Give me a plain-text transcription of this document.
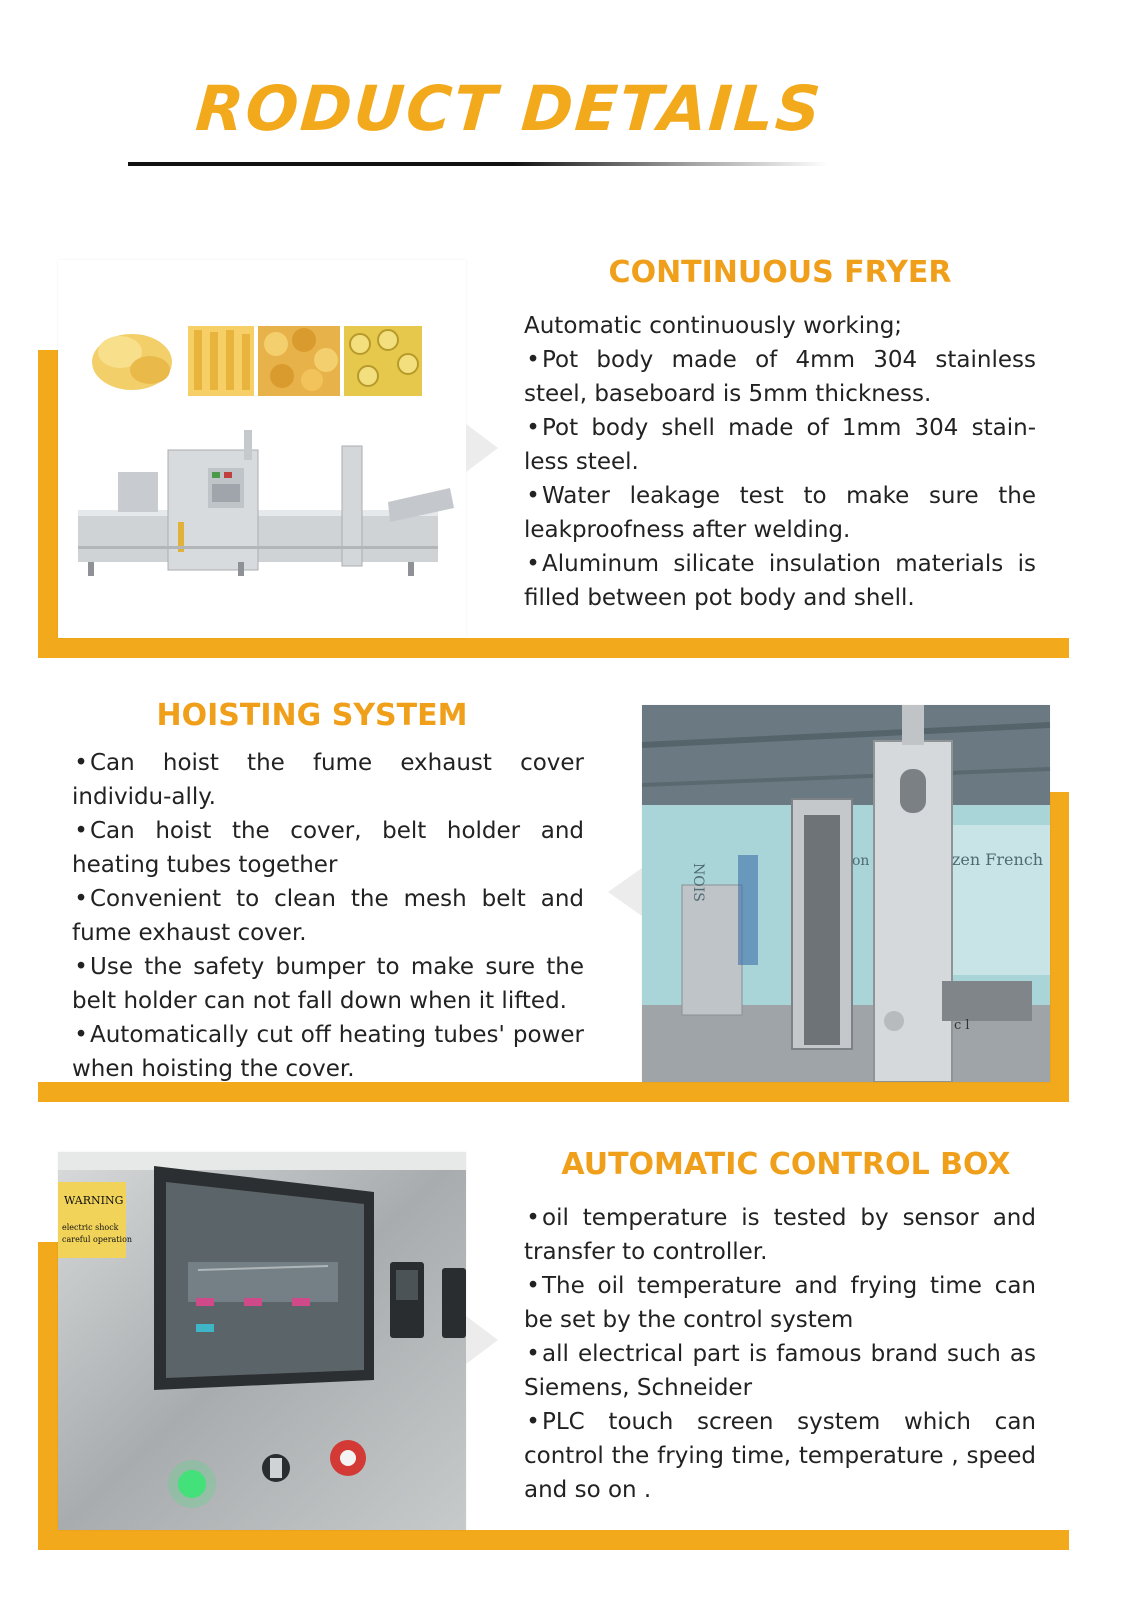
RODUCT DETAILS
CONTINUOUS FRYER

Automatic continuously working;

•Pot body made of 4mm 304 stainless steel, baseboard is 5mm thickness.
•Pot body shell made of 1mm 304 stain-less steel.
•Water leakage test to make sure the leakproofness after welding.
•Aluminum silicate insulation materials is filled between pot body and shell.
HOISTING SYSTEM
•Can hoist the fume exhaust cover individu-ally.
•Can hoist the cover, belt holder and heating tubes together
•Convenient to clean the mesh belt and fume exhaust cover.
•Use the safety bumper to make sure the belt holder can not fall down when it lifted.
•Automatically cut off heating tubes' power when hoisting the cover.
NOIS
on	zen French
c l
WARNING
electric shock
careful operation
AUTOMATIC CONTROL BOX
•oil temperature is tested by sensor and transfer to controller.
•The oil temperature and frying time can be set by the control system
•all electrical part is famous brand such as Siemens, Schneider
•PLC touch screen system which can control the frying time, temperature , speed and so on .
